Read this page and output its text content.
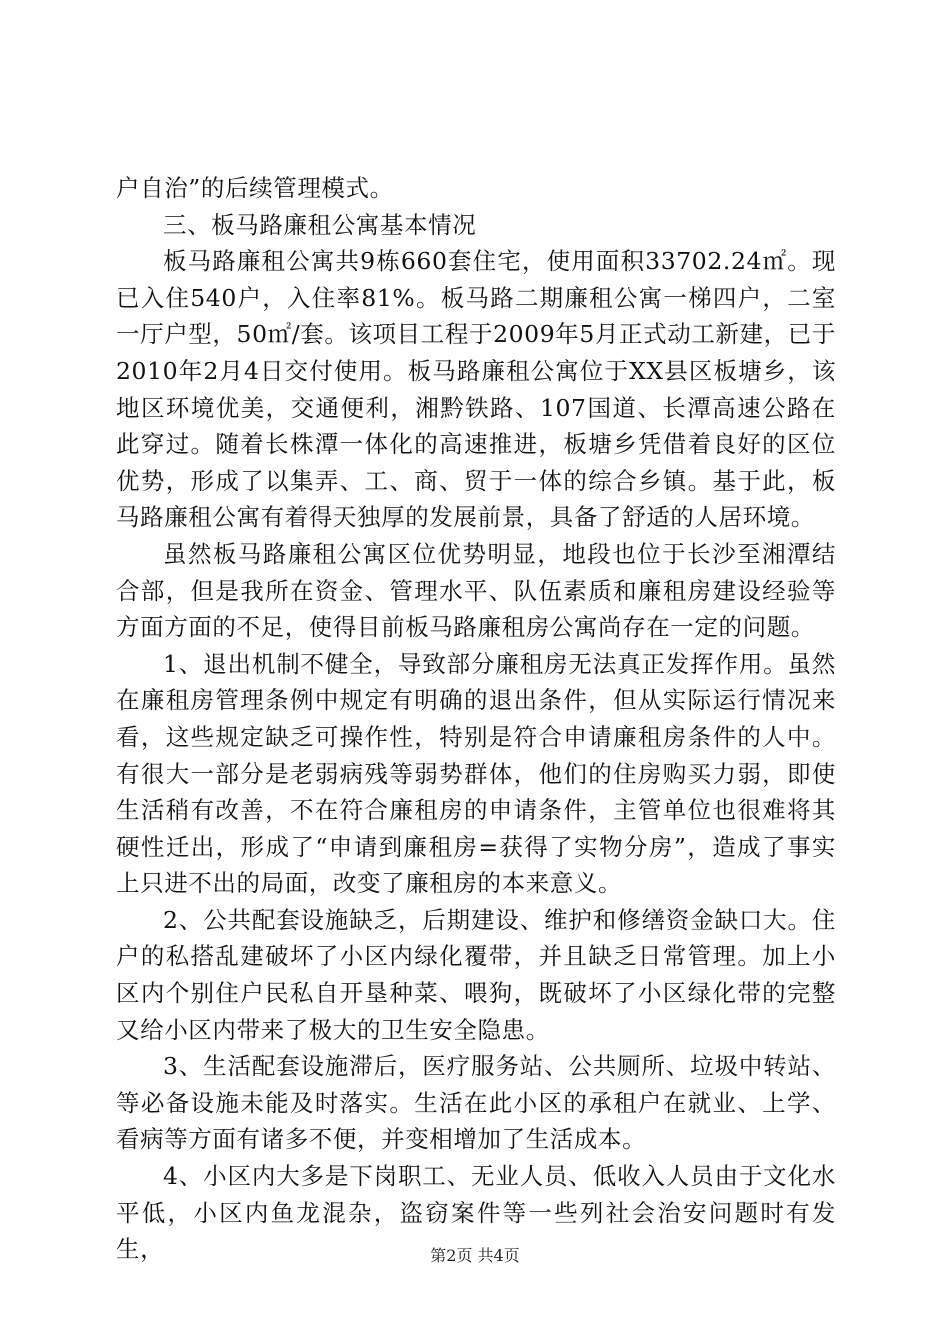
户自治”的后续管理模式。

三、板马路廉租公寓基本情况

板马路廉租公寓共9栋660套住宅，使用面积33702.24㎡。现已入住540户，入住率81%。板马路二期廉租公寓一梯四户，二室一厅户型，50㎡/套。该项目工程于2009年5月正式动工新建，已于2010年2月4日交付使用。板马路廉租公寓位于XX县区板塘乡，该地区环境优美，交通便利，湘黔铁路、107国道、长潭高速公路在此穿过。随着长株潭一体化的高速推进，板塘乡凭借着良好的区位优势，形成了以集弄、工、商、贸于一体的综合乡镇。基于此，板马路廉租公寓有着得天独厚的发展前景，具备了舒适的人居环境。

虽然板马路廉租公寓区位优势明显，地段也位于长沙至湘潭结合部，但是我所在资金、管理水平、队伍素质和廉租房建设经验等方面方面的不足，使得目前板马路廉租房公寓尚存在一定的问题。

1、退出机制不健全，导致部分廉租房无法真正发挥作用。虽然在廉租房管理条例中规定有明确的退出条件，但从实际运行情况来看，这些规定缺乏可操作性，特别是符合申请廉租房条件的人中。有很大一部分是老弱病残等弱势群体，他们的住房购买力弱，即使生活稍有改善，不在符合廉租房的申请条件，主管单位也很难将其硬性迁出，形成了“申请到廉租房=获得了实物分房”，造成了事实上只进不出的局面，改变了廉租房的本来意义。

2、公共配套设施缺乏，后期建设、维护和修缮资金缺口大。住户的私搭乱建破坏了小区内绿化覆带，并且缺乏日常管理。加上小区内个别住户民私自开垦种菜、喂狗，既破坏了小区绿化带的完整又给小区内带来了极大的卫生安全隐患。

3、生活配套设施滞后，医疗服务站、公共厕所、垃圾中转站、等必备设施未能及时落实。生活在此小区的承租户在就业、上学、看病等方面有诸多不便，并变相增加了生活成本。

4、小区内大多是下岗职工、无业人员、低收入人员由于文化水平低，小区内鱼龙混杂，盗窃案件等一些列社会治安问题时有发生，	第2页 共4页
